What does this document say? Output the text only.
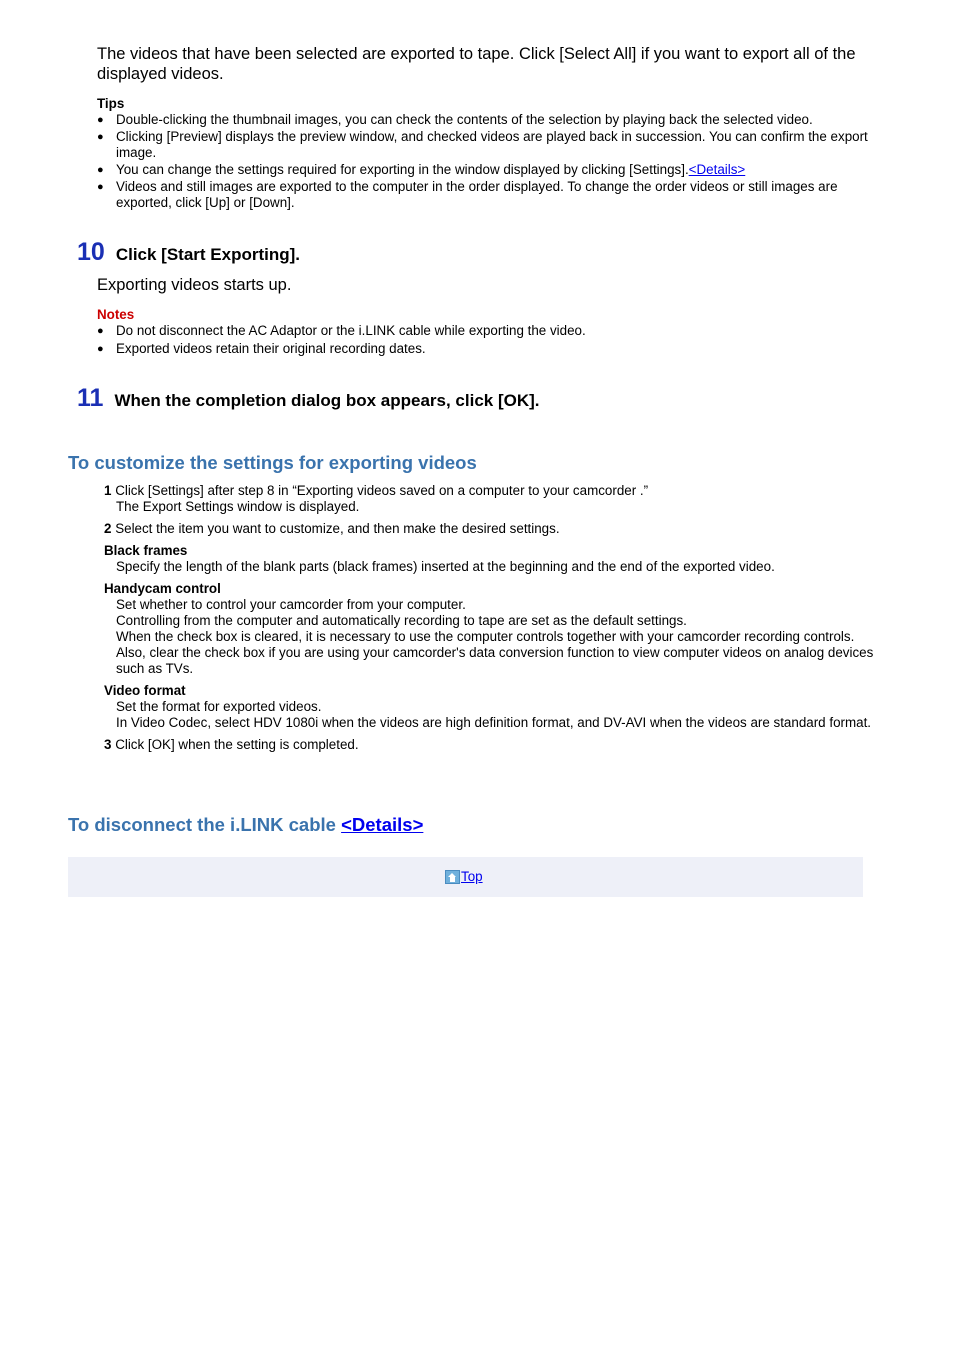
The videos that have been selected are exported to tape. Click [Select All] if you want to export all of the displayed videos.
Tips
● Double-clicking the thumbnail images, you can check the contents of the selection by playing back the selected video.
● Clicking [Preview] displays the preview window, and checked videos are played back in succession. You can confirm the export image.
● You can change the settings required for exporting in the window displayed by clicking [Settings].<Details>
● Videos and still images are exported to the computer in the order displayed. To change the order videos or still images are exported, click [Up] or [Down].
10 Click [Start Exporting].
Exporting videos starts up.
Notes
● Do not disconnect the AC Adaptor or the i.LINK cable while exporting the video.
● Exported videos retain their original recording dates.
11 When the completion dialog box appears, click [OK].
To customize the settings for exporting videos
1 Click [Settings] after step 8 in “Exporting videos saved on a computer to your camcorder .”
The Export Settings window is displayed.
2 Select the item you want to customize, and then make the desired settings.
Black frames
Specify the length of the blank parts (black frames) inserted at the beginning and the end of the exported video.
Handycam control
Set whether to control your camcorder from your computer.
Controlling from the computer and automatically recording to tape are set as the default settings.
When the check box is cleared, it is necessary to use the computer controls together with your camcorder recording controls.
Also, clear the check box if you are using your camcorder's data conversion function to view computer videos on analog devices such as TVs.
Video format
Set the format for exported videos.
In Video Codec, select HDV 1080i when the videos are high definition format, and DV-AVI when the videos are standard format.
3 Click [OK] when the setting is completed.
To disconnect the i.LINK cable <Details>
Top
